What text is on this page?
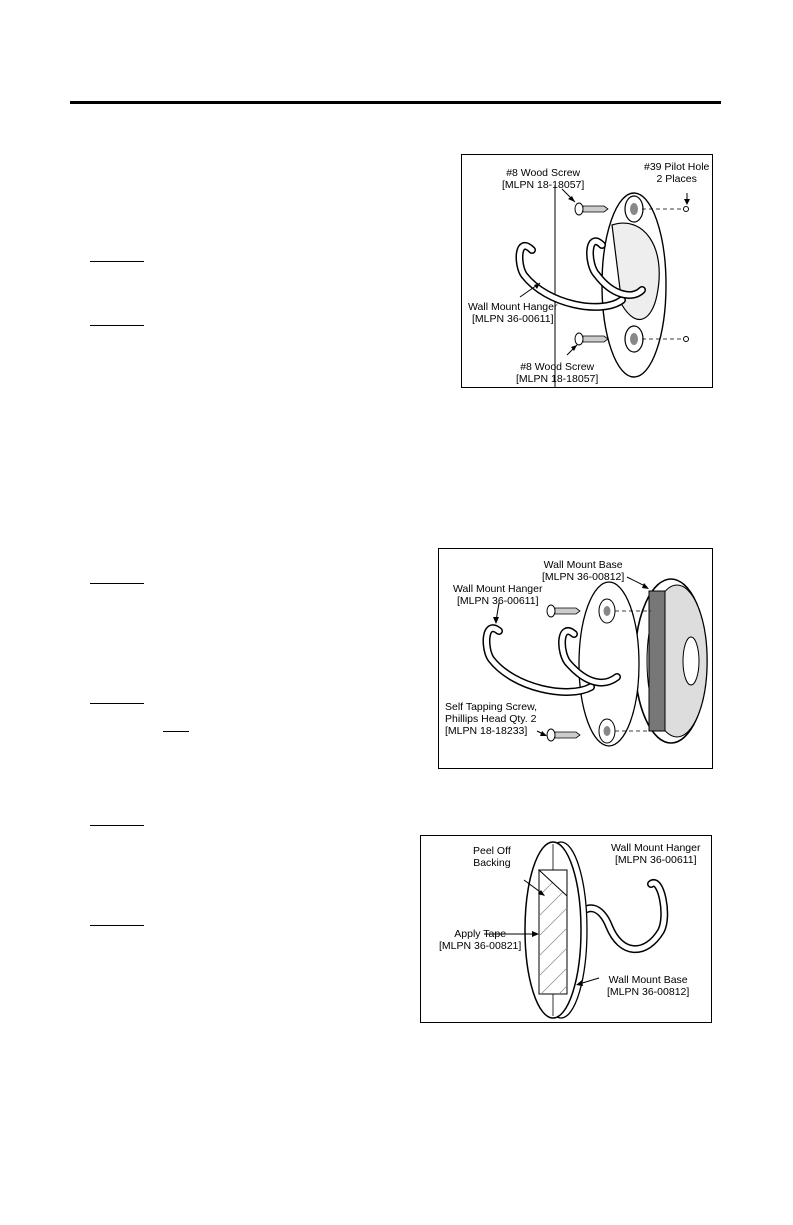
#8 Wood Screw
[MLPN 18-18057]
#39 Pilot Hole
2 Places
Wall Mount Hanger
[MLPN 36-00611]
#8 Wood Screw
[MLPN 18-18057]
Wall Mount Base
[MLPN 36-00812]
Wall Mount Hanger
[MLPN 36-00611]
Self Tapping Screw,
Phillips Head Qty. 2
[MLPN 18-18233]
Peel Off
Backing
Wall Mount Hanger
[MLPN 36-00611]
Apply Tape
[MLPN 36-00821]
Wall Mount Base
[MLPN 36-00812]
